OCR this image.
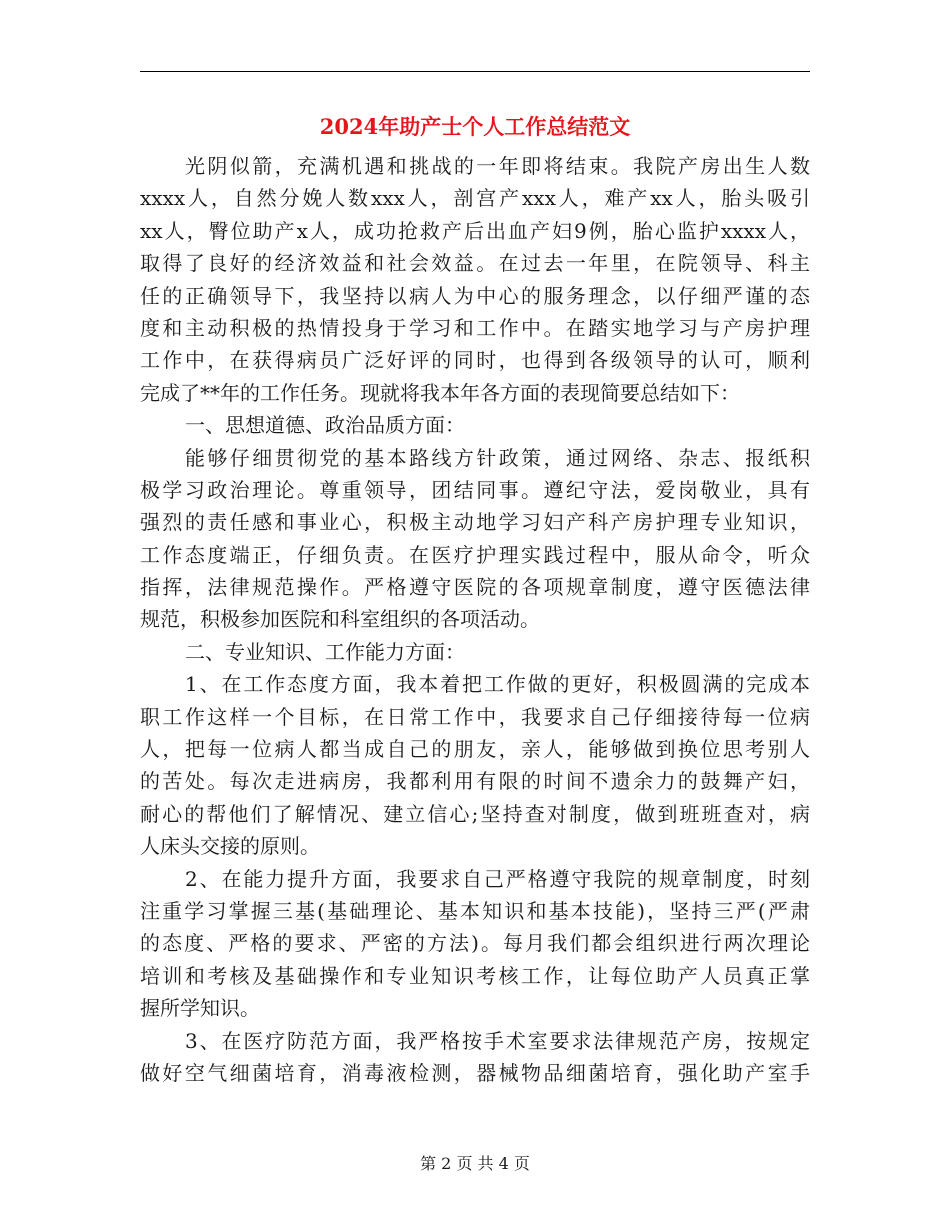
2024年助产士个人工作总结范文
光阴似箭，充满机遇和挑战的一年即将结束。我院产房出生人数
xxxx人，自然分娩人数xxx人，剖宫产xxx人，难产xx人，胎头吸引
xx人，臀位助产x人，成功抢救产后出血产妇9例，胎心监护xxxx人，
取得了良好的经济效益和社会效益。在过去一年里，在院领导、科主
任的正确领导下，我坚持以病人为中心的服务理念，以仔细严谨的态
度和主动积极的热情投身于学习和工作中。在踏实地学习与产房护理
工作中，在获得病员广泛好评的同时，也得到各级领导的认可，顺利
完成了**年的工作任务。现就将我本年各方面的表现简要总结如下：
一、思想道德、政治品质方面：
能够仔细贯彻党的基本路线方针政策，通过网络、杂志、报纸积
极学习政治理论。尊重领导，团结同事。遵纪守法，爱岗敬业，具有
强烈的责任感和事业心，积极主动地学习妇产科产房护理专业知识，
工作态度端正，仔细负责。在医疗护理实践过程中，服从命令，听众
指挥，法律规范操作。严格遵守医院的各项规章制度，遵守医德法律
规范，积极参加医院和科室组织的各项活动。
二、专业知识、工作能力方面：
1、在工作态度方面，我本着把工作做的更好，积极圆满的完成本
职工作这样一个目标，在日常工作中，我要求自己仔细接待每一位病
人，把每一位病人都当成自己的朋友，亲人，能够做到换位思考别人
的苦处。每次走进病房，我都利用有限的时间不遗余力的鼓舞产妇，
耐心的帮他们了解情况、建立信心;坚持查对制度，做到班班查对，病
人床头交接的原则。
2、在能力提升方面，我要求自己严格遵守我院的规章制度，时刻
注重学习掌握三基(基础理论、基本知识和基本技能)，坚持三严(严肃
的态度、严格的要求、严密的方法)。每月我们都会组织进行两次理论
培训和考核及基础操作和专业知识考核工作，让每位助产人员真正掌
握所学知识。
3、在医疗防范方面，我严格按手术室要求法律规范产房，按规定
做好空气细菌培育，消毒液检测，器械物品细菌培育，强化助产室手
第 2 页 共 4 页
